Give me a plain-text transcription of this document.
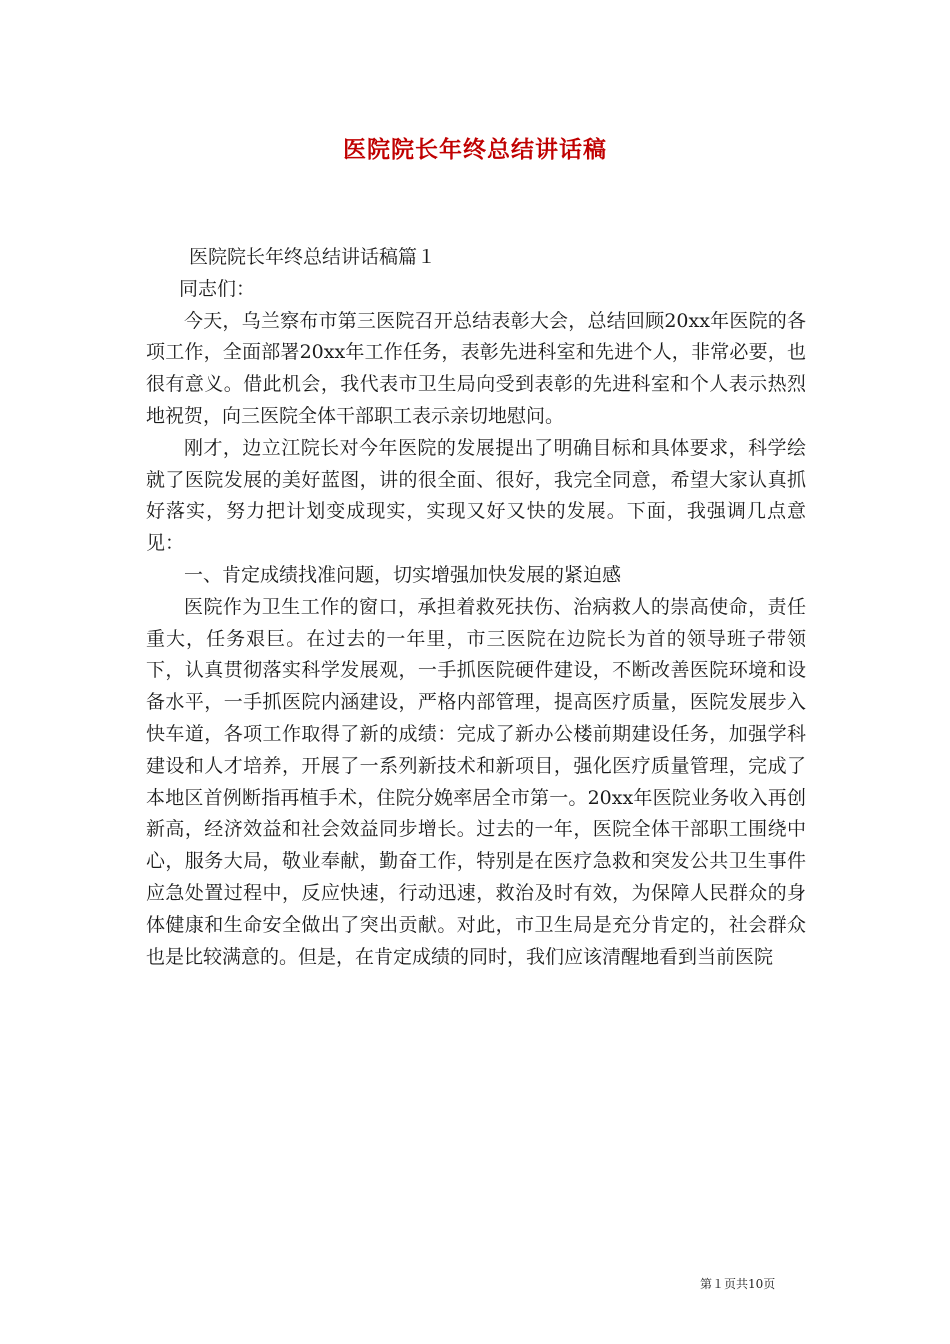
医院院长年终总结讲话稿

医院院长年终总结讲话稿篇１

同志们：

今天，乌兰察布市第三医院召开总结表彰大会，总结回顾20xx年医院的各项工作，全面部署20xx年工作任务，表彰先进科室和先进个人，非常必要，也很有意义。借此机会，我代表市卫生局向受到表彰的先进科室和个人表示热烈地祝贺，向三医院全体干部职工表示亲切地慰问。

刚才，边立江院长对今年医院的发展提出了明确目标和具体要求，科学绘就了医院发展的美好蓝图，讲的很全面、很好，我完全同意，希望大家认真抓好落实，努力把计划变成现实，实现又好又快的发展。下面，我强调几点意见：

一、肯定成绩找准问题，切实增强加快发展的紧迫感

医院作为卫生工作的窗口，承担着救死扶伤、治病救人的崇高使命，责任重大，任务艰巨。在过去的一年里，市三医院在边院长为首的领导班子带领下，认真贯彻落实科学发展观，一手抓医院硬件建设，不断改善医院环境和设备水平，一手抓医院内涵建设，严格内部管理，提高医疗质量，医院发展步入快车道，各项工作取得了新的成绩：完成了新办公楼前期建设任务，加强学科建设和人才培养，开展了一系列新技术和新项目，强化医疗质量管理，完成了本地区首例断指再植手术，住院分娩率居全市第一。20xx年医院业务收入再创新高，经济效益和社会效益同步增长。过去的一年，医院全体干部职工围绕中心，服务大局，敬业奉献，勤奋工作，特别是在医疗急救和突发公共卫生事件应急处置过程中，反应快速，行动迅速，救治及时有效，为保障人民群众的身体健康和生命安全做出了突出贡献。对此，市卫生局是充分肯定的，社会群众也是比较满意的。但是，在肯定成绩的同时，我们应该清醒地看到当前医院

第１页共10页
